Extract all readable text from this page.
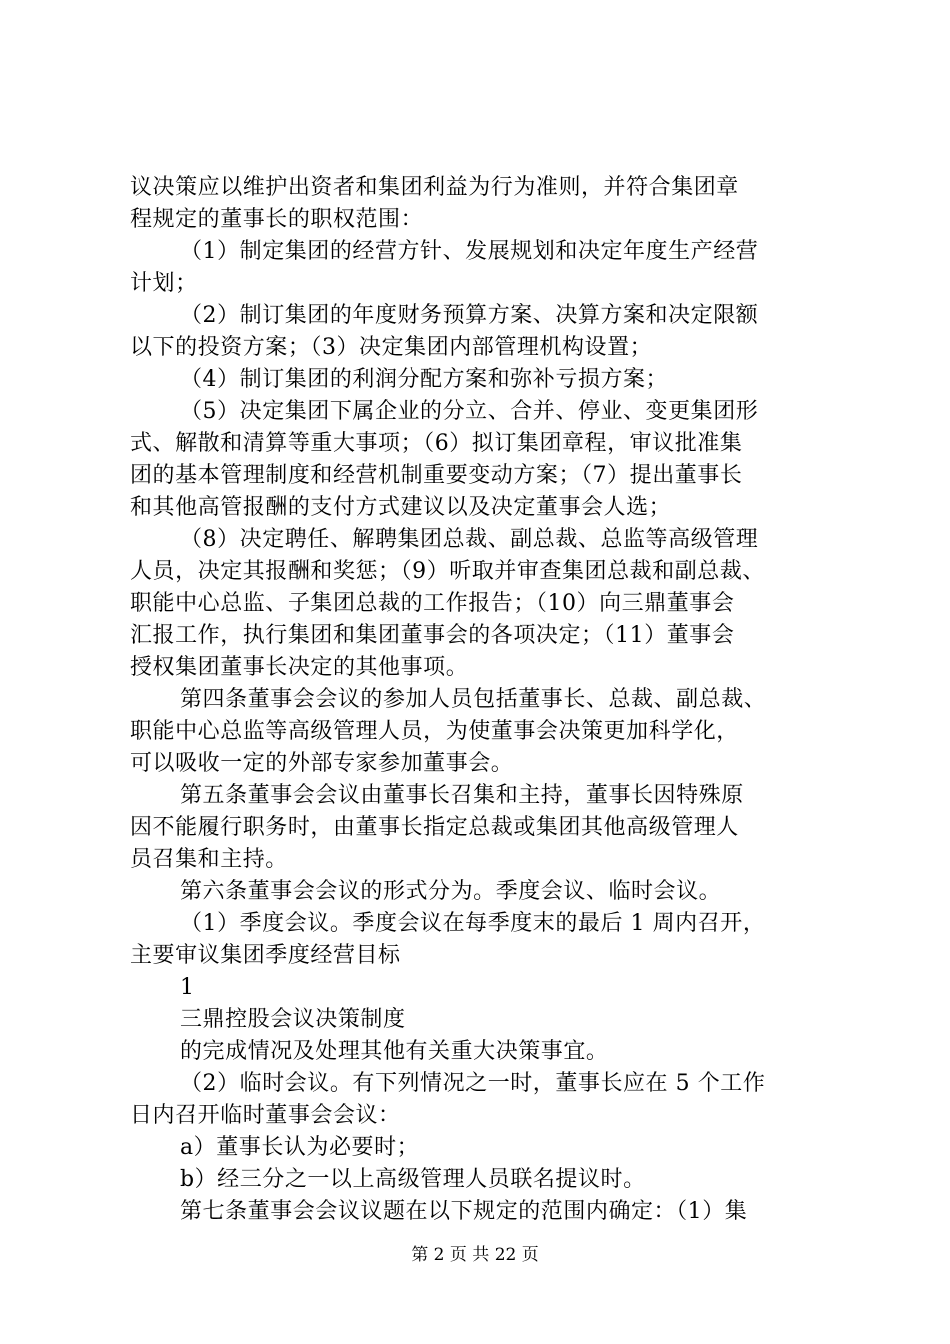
议决策应以维护出资者和集团利益为行为准则，并符合集团章
程规定的董事长的职权范围：
（1）制定集团的经营方针、发展规划和决定年度生产经营
计划；
（2）制订集团的年度财务预算方案、决算方案和决定限额
以下的投资方案；（3）决定集团内部管理机构设置；
（4）制订集团的利润分配方案和弥补亏损方案；
（5）决定集团下属企业的分立、合并、停业、变更集团形
式、解散和清算等重大事项；（6）拟订集团章程，审议批准集
团的基本管理制度和经营机制重要变动方案；（7）提出董事长
和其他高管报酬的支付方式建议以及决定董事会人选；
（8）决定聘任、解聘集团总裁、副总裁、总监等高级管理
人员，决定其报酬和奖惩；（9）听取并审查集团总裁和副总裁、
职能中心总监、子集团总裁的工作报告；（10）向三鼎董事会
汇报工作，执行集团和集团董事会的各项决定；（11）董事会
授权集团董事长决定的其他事项。
第四条董事会会议的参加人员包括董事长、总裁、副总裁、
职能中心总监等高级管理人员，为使董事会决策更加科学化，
可以吸收一定的外部专家参加董事会。
第五条董事会会议由董事长召集和主持，董事长因特殊原
因不能履行职务时，由董事长指定总裁或集团其他高级管理人
员召集和主持。
第六条董事会会议的形式分为。季度会议、临时会议。
（1）季度会议。季度会议在每季度末的最后 1 周内召开，
主要审议集团季度经营目标
1
三鼎控股会议决策制度
的完成情况及处理其他有关重大决策事宜。
（2）临时会议。有下列情况之一时，董事长应在 5 个工作
日内召开临时董事会会议：
a）董事长认为必要时；
b）经三分之一以上高级管理人员联名提议时。
第七条董事会会议议题在以下规定的范围内确定：（1）集
第 2 页 共 22 页
